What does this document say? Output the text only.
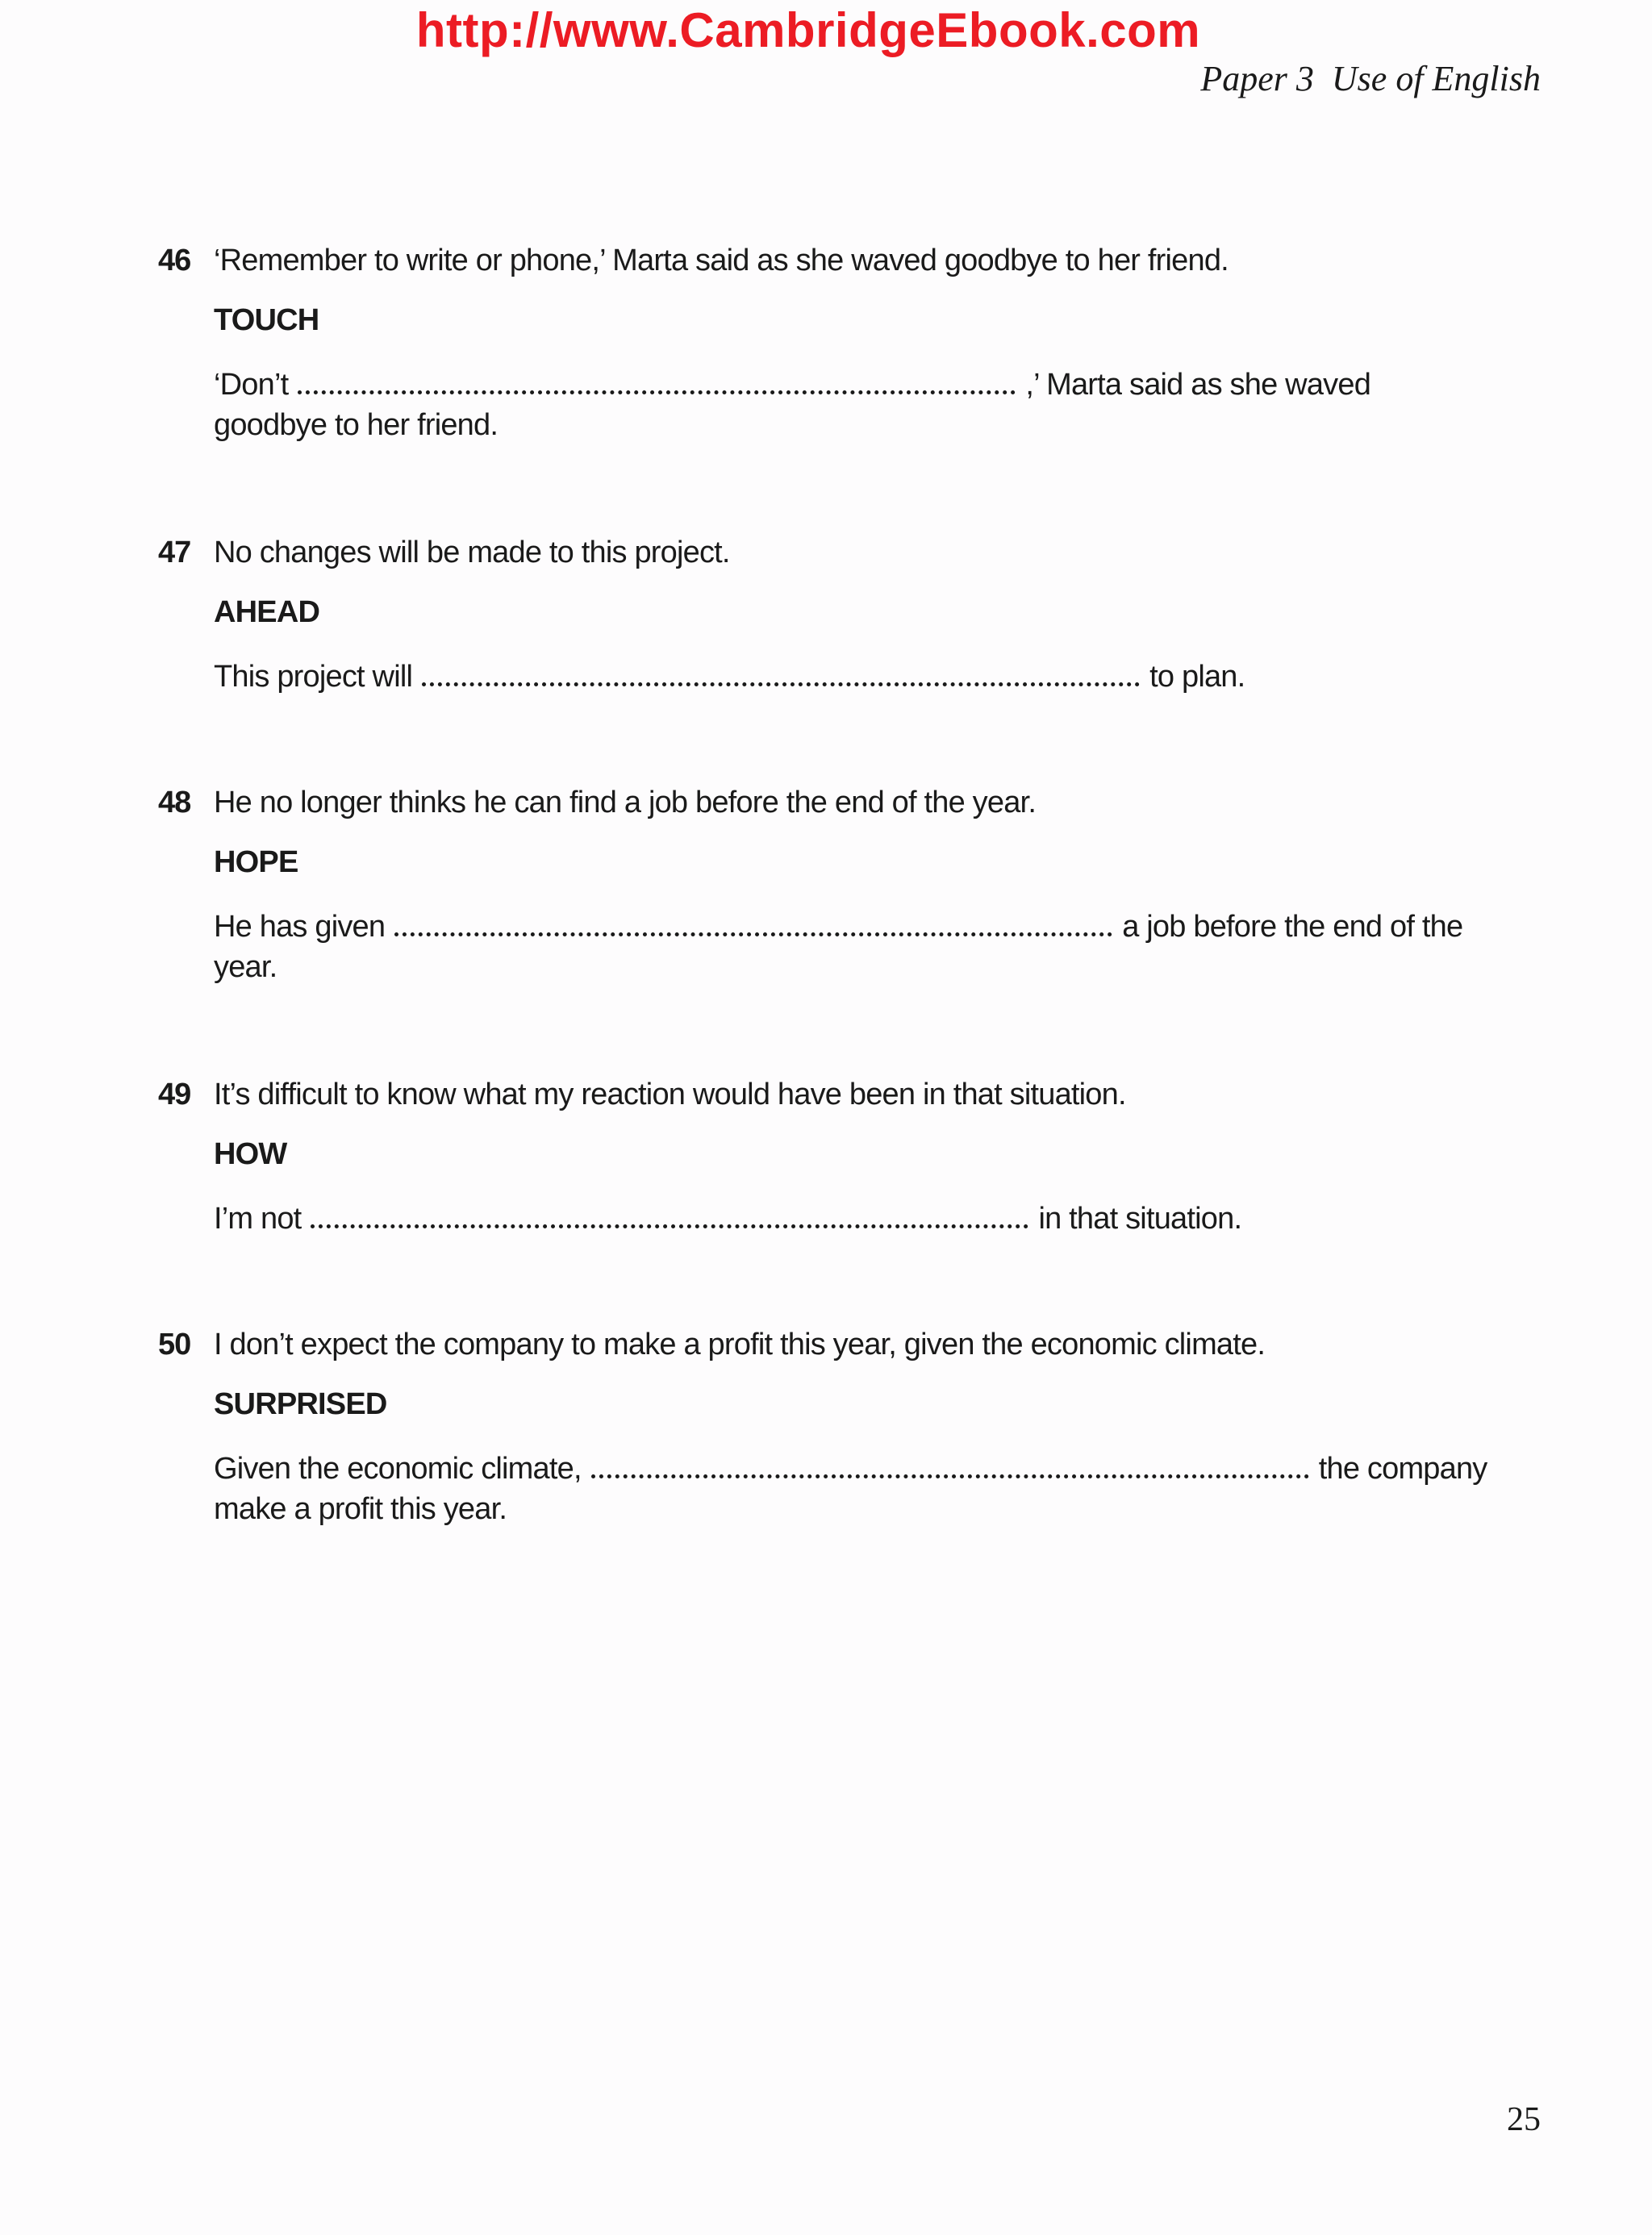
http://www.CambridgeEbook.com
Paper 3 Use of English
46 ‘Remember to write or phone,’ Marta said as she waved goodbye to her friend.
TOUCH
‘Don’t	,’ Marta said as she waved
goodbye to her friend.
47 No changes will be made to this project.
AHEAD
This project will	to plan.
48 He no longer thinks he can find a job before the end of the year.
HOPE
He has given	a job before the end of the
year.
49 It’s difficult to know what my reaction would have been in that situation.
HOW
I’m not	in that situation.
50 I don’t expect the company to make a profit this year, given the economic climate.
SURPRISED
Given the economic climate,	the company
make a profit this year.
25
